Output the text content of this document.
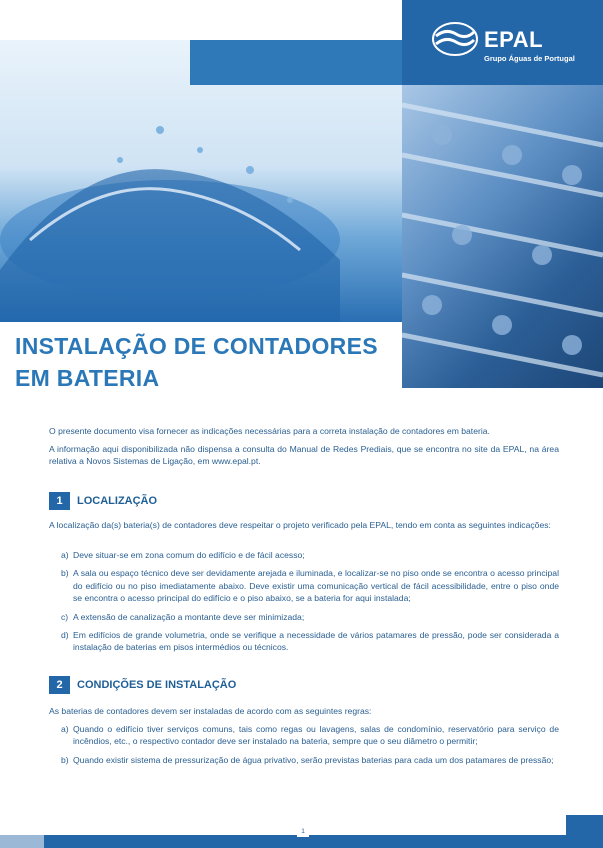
EPAL
Grupo Águas de Portugal
INSTALAÇÃO DE CONTADORES
EM BATERIA
O presente documento visa fornecer as indicações necessárias para a correta instalação de contadores em bateria.
A informação aqui disponibilizada não dispensa a consulta do Manual de Redes Prediais, que se encontra no site da EPAL, na área relativa a Novos Sistemas de Ligação, em www.epal.pt.
1	LOCALIZAÇÃO
A localização da(s) bateria(s) de contadores deve respeitar o projeto verificado pela EPAL, tendo em conta as seguintes indicações:
a) Deve situar-se em zona comum do edifício e de fácil acesso;
b) A sala ou espaço técnico deve ser devidamente arejada e iluminada, e localizar-se no piso onde se encontra o acesso principal do edifício ou no piso imediatamente abaixo. Deve existir uma comunicação vertical de fácil acessibilidade, entre o piso onde se encontra o acesso principal do edifício e o piso abaixo, se a bateria for aqui instalada;
c) A extensão de canalização a montante deve ser minimizada;
d) Em edifícios de grande volumetria, onde se verifique a necessidade de vários patamares de pressão, pode ser considerada a instalação de baterias em pisos intermédios ou técnicos.
2	CONDIÇÕES DE INSTALAÇÃO
As baterias de contadores devem ser instaladas de acordo com as seguintes regras:
a) Quando o edifício tiver serviços comuns, tais como regas ou lavagens, salas de condomínio, reservatório para serviço de incêndios, etc., o respectivo contador deve ser instalado na bateria, sempre que o seu diâmetro o permitir;
b) Quando existir sistema de pressurização de água privativo, serão previstas baterias para cada um dos patamares de pressão;
1
